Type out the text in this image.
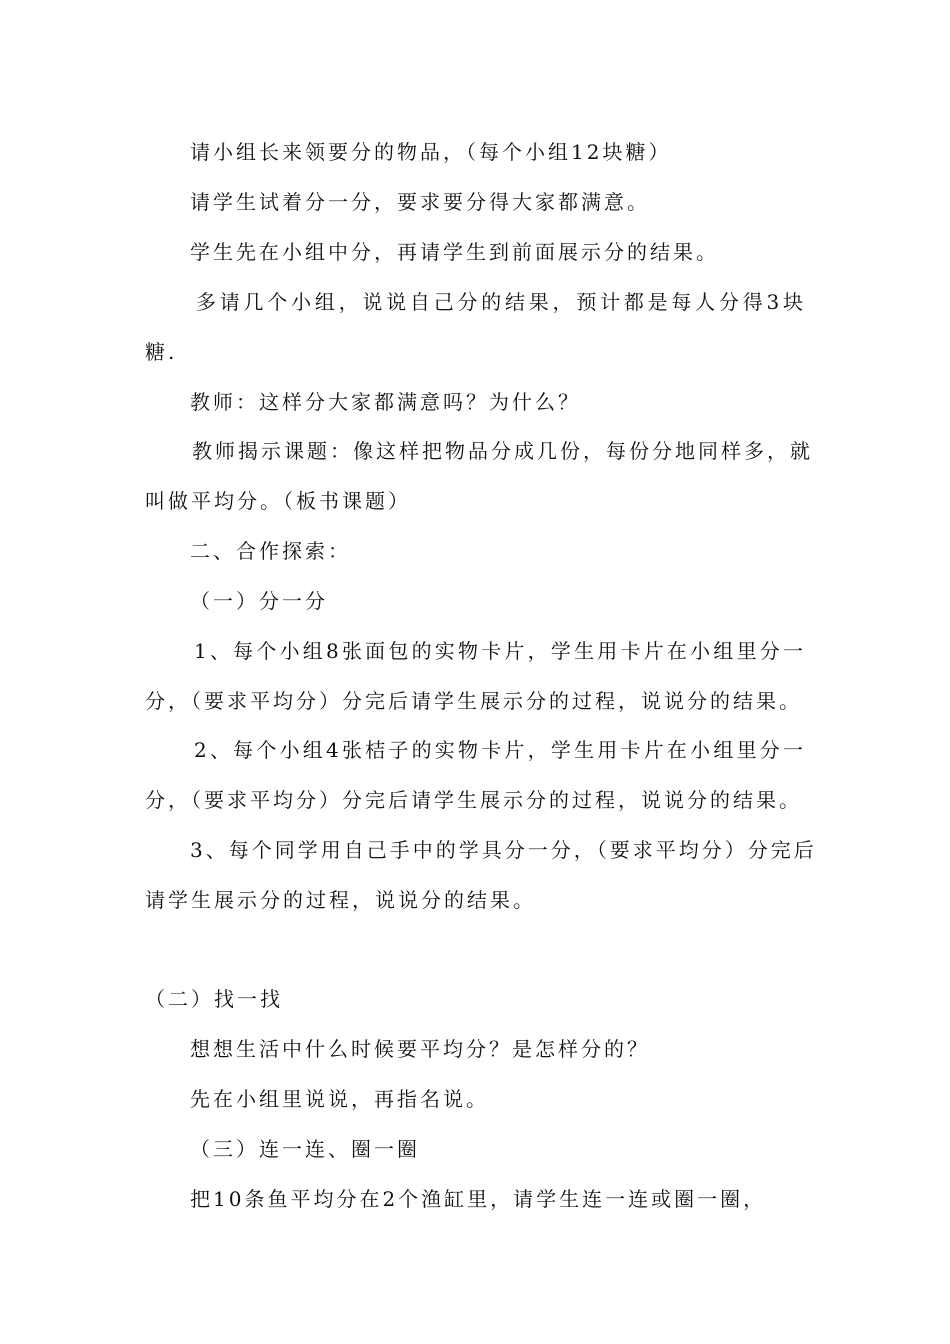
请小组长来领要分的物品，（每个小组12块糖）
请学生试着分一分，要求要分得大家都满意。
学生先在小组中分，再请学生到前面展示分的结果。
多请几个小组，说说自己分的结果，预计都是每人分得3块
糖.
教师：这样分大家都满意吗？为什么？
教师揭示课题：像这样把物品分成几份，每份分地同样多，就
叫做平均分。（板书课题）
二、合作探索：
（一）分一分
1、每个小组8张面包的实物卡片，学生用卡片在小组里分一
分，（要求平均分）分完后请学生展示分的过程，说说分的结果。
2、每个小组4张桔子的实物卡片，学生用卡片在小组里分一
分，（要求平均分）分完后请学生展示分的过程，说说分的结果。
3、每个同学用自己手中的学具分一分，（要求平均分）分完后
请学生展示分的过程，说说分的结果。
（二）找一找
想想生活中什么时候要平均分？是怎样分的？
先在小组里说说，再指名说。
（三）连一连、圈一圈
把10条鱼平均分在2个渔缸里，请学生连一连或圈一圈，
